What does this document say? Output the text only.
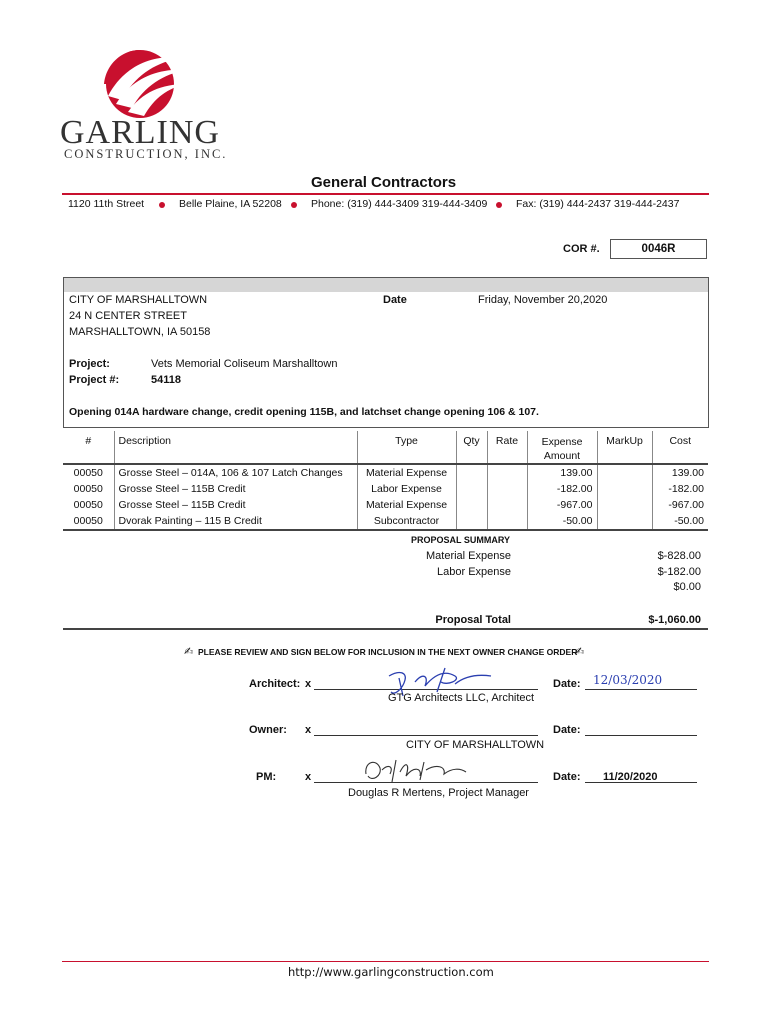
GARLING
CONSTRUCTION, INC.
General Contractors
1120 11th Street	Belle Plaine, IA 52208	Phone: (319) 444-3409 319-444-3409	Fax: (319) 444-2437 319-444-2437
COR #.	0046R
CITY OF MARSHALLTOWN
24 N CENTER STREET
MARSHALLTOWN, IA 50158
Date	Friday, November 20,2020
Project:	Vets Memorial Coliseum Marshalltown
Project #:	54118
Opening 014A hardware change, credit opening 115B, and latchset change opening 106 & 107.
#	Description	Type	Qty	Rate	Expense Amount	MarkUp	Cost
00050	Grosse Steel – 014A, 106 & 107 Latch Changes	Material Expense			139.00		139.00
00050	Grosse Steel – 115B Credit	Labor Expense			-182.00		-182.00
00050	Grosse Steel – 115B Credit	Material Expense			-967.00		-967.00
00050	Dvorak Painting – 115 B Credit	Subcontractor			-50.00		-50.00
PROPOSAL SUMMARY
Material Expense	$-828.00
Labor Expense	$-182.00
$0.00
Proposal Total	$-1,060.00
✍ PLEASE REVIEW AND SIGN BELOW FOR INCLUSION IN THE NEXT OWNER CHANGE ORDER
✍
Architect: x	Date: 12/03/2020
GTG Architects LLC, Architect
Owner: x	Date:
CITY OF MARSHALLTOWN
PM:	x	Date: 11/20/2020
Douglas R Mertens, Project Manager
http://www.garlingconstruction.com
